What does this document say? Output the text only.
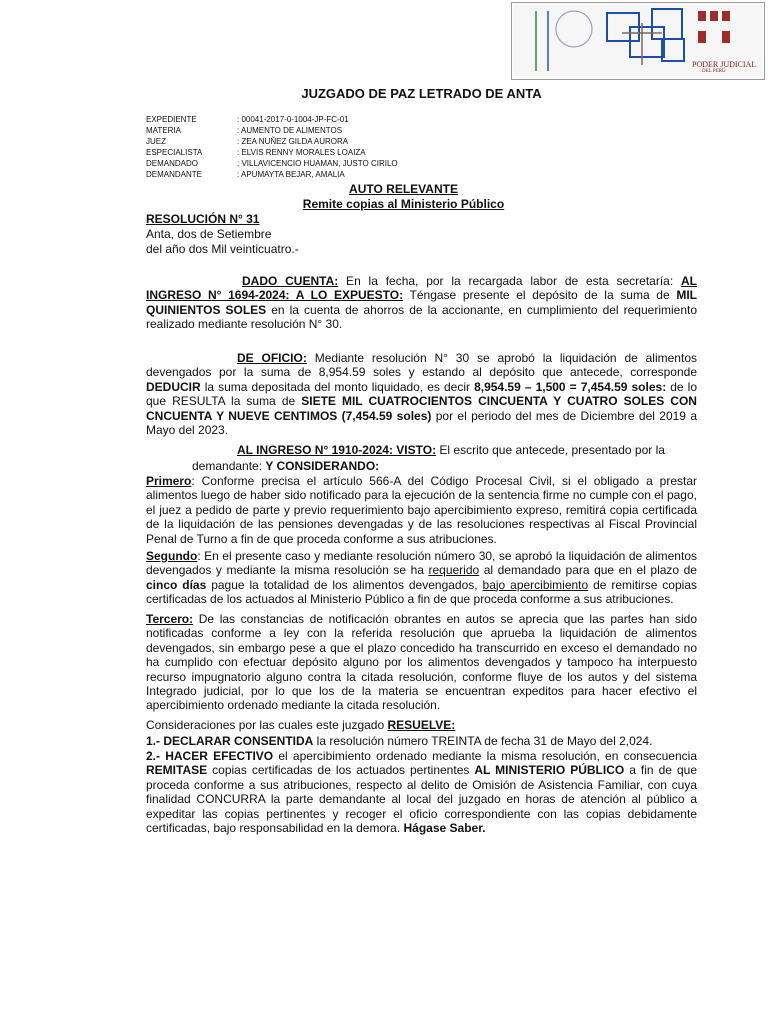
PODER JUDICIAL
DEL PERÚ
JUZGADO DE PAZ LETRADO DE ANTA
EXPEDIENTE	: 00041-2017-0-1004-JP-FC-01
MATERIA	: AUMENTO DE ALIMENTOS
JUEZ	: ZEA NUÑEZ GILDA AURORA
ESPECIALISTA	: ELVIS RENNY MORALES LOAIZA
DEMANDADO	: VILLAVICENCIO HUAMAN, JUSTO CIRILO
DEMANDANTE	: APUMAYTA BEJAR, AMALIA
AUTO RELEVANTE
Remite copias al Ministerio Público
RESOLUCIÓN N° 31
Anta, dos de Setiembre
del año dos Mil veinticuatro.-
DADO CUENTA: En la fecha, por la recargada labor de esta secretaría: AL INGRESO N° 1694-2024: A LO EXPUESTO: Téngase presente el depósito de la suma de MIL QUINIENTOS SOLES en la cuenta de ahorros de la accionante, en cumplimiento del requerimiento realizado mediante resolución N° 30.
DE OFICIO: Mediante resolución N° 30 se aprobó la liquidación de alimentos devengados por la suma de 8,954.59 soles y estando al depósito que antecede, corresponde DEDUCIR la suma depositada del monto liquidado, es decir 8,954.59 – 1,500 = 7,454.59 soles: de lo que RESULTA la suma de SIETE MIL CUATROCIENTOS CINCUENTA Y CUATRO SOLES CON CNCUENTA Y NUEVE CENTIMOS (7,454.59 soles) por el periodo del mes de Diciembre del 2019 a Mayo del 2023.
AL INGRESO N° 1910-2024: VISTO: El escrito que antecede, presentado por la
demandante: Y CONSIDERANDO:
Primero: Conforme precisa el artículo 566-A del Código Procesal Civil, si el obligado a prestar alimentos luego de haber sido notificado para la ejecución de la sentencia firme no cumple con el pago, el juez a pedido de parte y previo requerimiento bajo apercibimiento expreso, remitirá copia certificada de la liquidación de las pensiones devengadas y de las resoluciones respectivas al Fiscal Provincial Penal de Turno a fin de que proceda conforme a sus atribuciones.
Segundo: En el presente caso y mediante resolución número 30, se aprobó la liquidación de alimentos devengados y mediante la misma resolución se ha requerido al demandado para que en el plazo de cinco días pague la totalidad de los alimentos devengados, bajo apercibimiento de remitirse copias certificadas de los actuados al Ministerio Público a fin de que proceda conforme a sus atribuciones.
Tercero: De las constancias de notificación obrantes en autos se aprecia que las partes han sido notificadas conforme a ley con la referida resolución que aprueba la liquidación de alimentos devengados, sin embargo pese a que el plazo concedido ha transcurrido en exceso el demandado no ha cumplido con efectuar depósito alguno por los alimentos devengados y tampoco ha interpuesto recurso impugnatorio alguno contra la citada resolución, conforme fluye de los autos y del sistema Integrado judicial, por lo que los de la materia se encuentran expeditos para hacer efectivo el apercibimiento ordenado mediante la citada resolución.
Consideraciones por las cuales este juzgado RESUELVE:
1.- DECLARAR CONSENTIDA la resolución número TREINTA de fecha 31 de Mayo del 2,024.
2.- HACER EFECTIVO el apercibimiento ordenado mediante la misma resolución, en consecuencia REMITASE copias certificadas de los actuados pertinentes AL MINISTERIO PÚBLICO a fin de que proceda conforme a sus atribuciones, respecto al delito de Omisión de Asistencia Familiar, con cuya finalidad CONCURRA la parte demandante al local del juzgado en horas de atención al público a expeditar las copias pertinentes y recoger el oficio correspondiente con las copias debidamente certificadas, bajo responsabilidad en la demora. Hágase Saber.
